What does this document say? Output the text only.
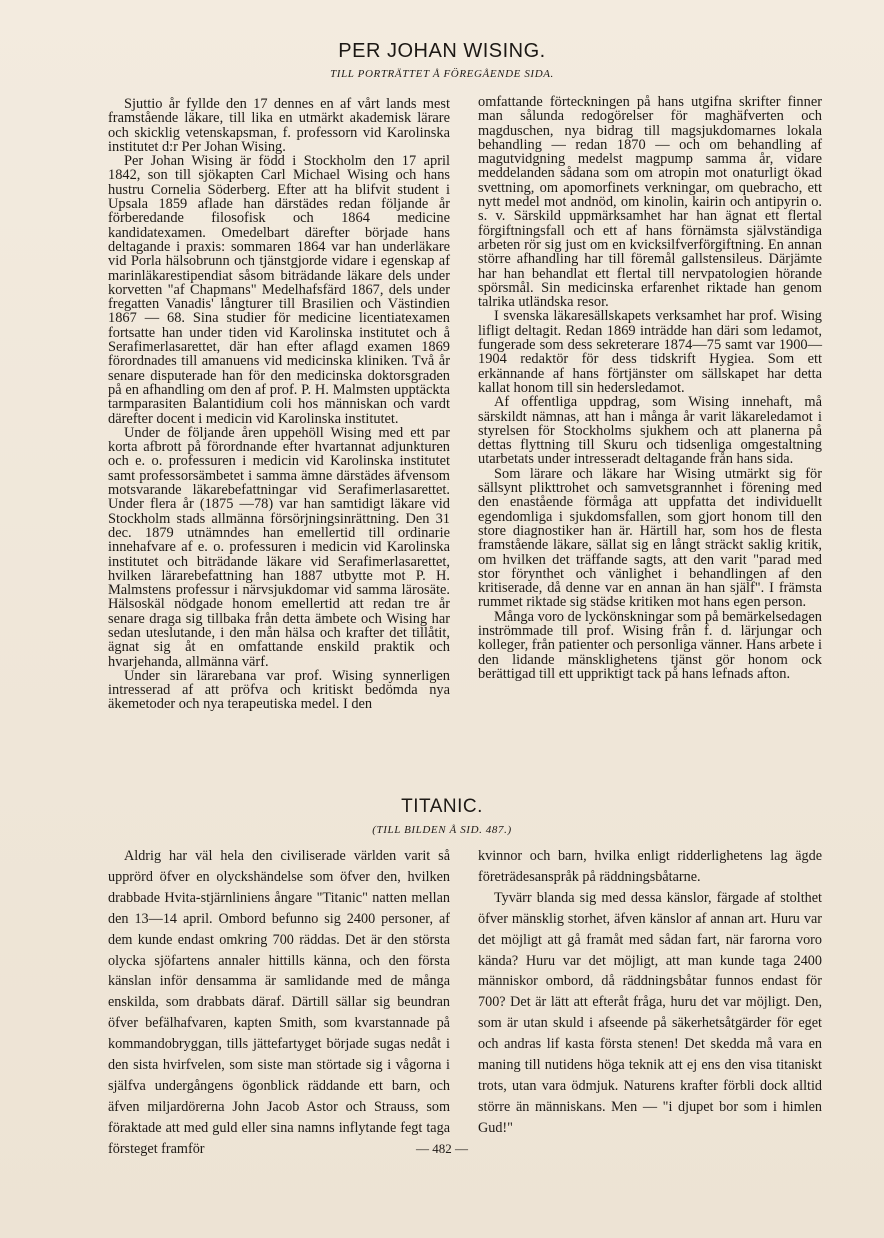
PER JOHAN WISING.
TILL PORTRÄTTET Å FÖREGÅENDE SIDA.

Sjuttio år fyllde den 17 dennes en af vårt lands mest framstående läkare, till lika en utmärkt akademisk lärare och skicklig vetenskapsman, f. professorn vid Karolinska institutet d:r Per Johan Wising.

Per Johan Wising är född i Stockholm den 17 april 1842, son till sjökapten Carl Michael Wising och hans hustru Cornelia Söderberg. Efter att ha blifvit student i Upsala 1859 aflade han därstädes redan följande år förberedande filosofisk och 1864 medicine kandidatexamen. Omedelbart därefter började hans deltagande i praxis: sommaren 1864 var han underläkare vid Porla hälsobrunn och tjänstgjorde vidare i egenskap af marinläkarestipendiat såsom biträdande läkare dels under korvetten "af Chapmans" Medelhafsfärd 1867, dels under fregatten Vanadis' långturer till Brasilien och Västindien 1867 — 68. Sina studier för medicine licentiatexamen fortsatte han under tiden vid Karolinska institutet och å Serafimerlasarettet, där han efter aflagd examen 1869 förordnades till amanuens vid medicinska kliniken. Två år senare disputerade han för den medicinska doktorsgraden på en afhandling om den af prof. P. H. Malmsten upptäckta tarmparasiten Balantidium coli hos människan och vardt därefter docent i medicin vid Karolinska institutet.

Under de följande åren uppehöll Wising med ett par korta afbrott på förordnande efter hvartannat adjunkturen och e. o. professuren i medicin vid Karolinska institutet samt professorsämbetet i samma ämne därstädes äfvensom motsvarande läkarebefattningar vid Serafimerlasarettet. Under flera år (1875 —78) var han samtidigt läkare vid Stockholm stads allmänna försörjningsinrättning. Den 31 dec. 1879 utnämndes han emellertid till ordinarie innehafvare af e. o. professuren i medicin vid Karolinska institutet och biträdande läkare vid Serafimerlasarettet, hvilken lärarebefattning han 1887 utbytte mot P. H. Malmstens professur i närvsjukdomar vid samma lärosäte. Hälsoskäl nödgade honom emellertid att redan tre år senare draga sig tillbaka från detta ämbete och Wising har sedan uteslutande, i den mån hälsa och krafter det tillåtit, ägnat sig åt en omfattande enskild praktik och hvarjehanda, allmänna värf.

Under sin lärarebana var prof. Wising synnerligen intresserad af att pröfva och kritiskt bedömda nya äkemetoder och nya terapeutiska medel. I den

omfattande förteckningen på hans utgifna skrifter finner man sålunda redogörelser för maghäfverten och magduschen, nya bidrag till magsjukdomarnes lokala behandling — redan 1870 — och om behandling af magutvidgning medelst magpump samma år, vidare meddelanden sådana som om atropin mot onaturligt ökad svettning, om apomorfinets verkningar, om quebracho, ett nytt medel mot andnöd, om kinolin, kairin och antipyrin o. s. v. Särskild uppmärksamhet har han ägnat ett flertal förgiftningsfall och ett af hans förnämsta självständiga arbeten rör sig just om en kvicksilfverförgiftning. En annan större afhandling har till föremål gallstensileus. Därjämte har han behandlat ett flertal till nervpatologien hörande spörsmål. Sin medicinska erfarenhet riktade han genom talrika utländska resor.

I svenska läkaresällskapets verksamhet har prof. Wising lifligt deltagit. Redan 1869 inträdde han däri som ledamot, fungerade som dess sekreterare 1874—75 samt var 1900—1904 redaktör för dess tidskrift Hygiea. Som ett erkännande af hans förtjänster om sällskapet har detta kallat honom till sin hedersledamot.

Af offentliga uppdrag, som Wising innehaft, må särskildt nämnas, att han i många år varit läkareledamot i styrelsen för Stockholms sjukhem och att planerna på dettas flyttning till Skuru och tidsenliga omgestaltning utarbetats under intresseradt deltagande från hans sida.

Som lärare och läkare har Wising utmärkt sig för sällsynt plikttrohet och samvetsgrannhet i förening med den enastående förmåga att uppfatta det individuellt egendomliga i sjukdomsfallen, som gjort honom till den store diagnostiker han är. Härtill har, som hos de flesta framstående läkare, sällat sig en långt sträckt saklig kritik, om hvilken det träffande sagts, att den varit "parad med stor förynthet och vänlighet i behandlingen af den kritiserade, då denne var en annan än han själf". I främsta rummet riktade sig städse kritiken mot hans egen person.

Många voro de lyckönskningar som på bemärkelsedagen inströmmade till prof. Wising från f. d. lärjungar och kolleger, från patienter och personliga vänner. Hans arbete i den lidande mänsklighetens tjänst gör honom ock berättigad till ett uppriktigt tack på hans lefnads afton.

TITANIC.
(TILL BILDEN Å SID. 487.)

Aldrig har väl hela den civiliserade världen varit så upprörd öfver en olyckshändelse som öfver den, hvilken drabbade Hvita-stjärnliniens ångare "Titanic" natten mellan den 13—14 april. Ombord befunno sig 2400 personer, af dem kunde endast omkring 700 räddas. Det är den största olycka sjöfartens annaler hittills känna, och den första känslan inför densamma är samlidande med de många enskilda, som drabbats däraf. Därtill sällar sig beundran öfver befälhafvaren, kapten Smith, som kvarstannade på kommandobryggan, tills jättefartyget började sugas nedåt i den sista hvirfvelen, som siste man störtade sig i vågorna i själfva undergångens ögonblick räddande ett barn, och äfven miljardörerna John Jacob Astor och Strauss, som föraktade att med guld eller sina namns inflytande fegt taga försteget framför

kvinnor och barn, hvilka enligt ridderlighetens lag ägde företrädesanspråk på räddningsbåtarne.

Tyvärr blanda sig med dessa känslor, färgade af stolthet öfver mänsklig storhet, äfven känslor af annan art. Huru var det möjligt att gå framåt med sådan fart, när farorna voro kända? Huru var det möjligt, att man kunde taga 2400 människor ombord, då räddningsbåtar funnos endast för 700? Det är lätt att efteråt fråga, huru det var möjligt. Den, som är utan skuld i afseende på säkerhetsåtgärder för eget och andras lif kasta första stenen! Det skedda må vara en maning till nutidens höga teknik att ej ens den visa titaniskt trots, utan vara ödmjuk. Naturens krafter förbli dock alltid större än människans. Men — "i djupet bor som i himlen Gud!"

— 482 —
